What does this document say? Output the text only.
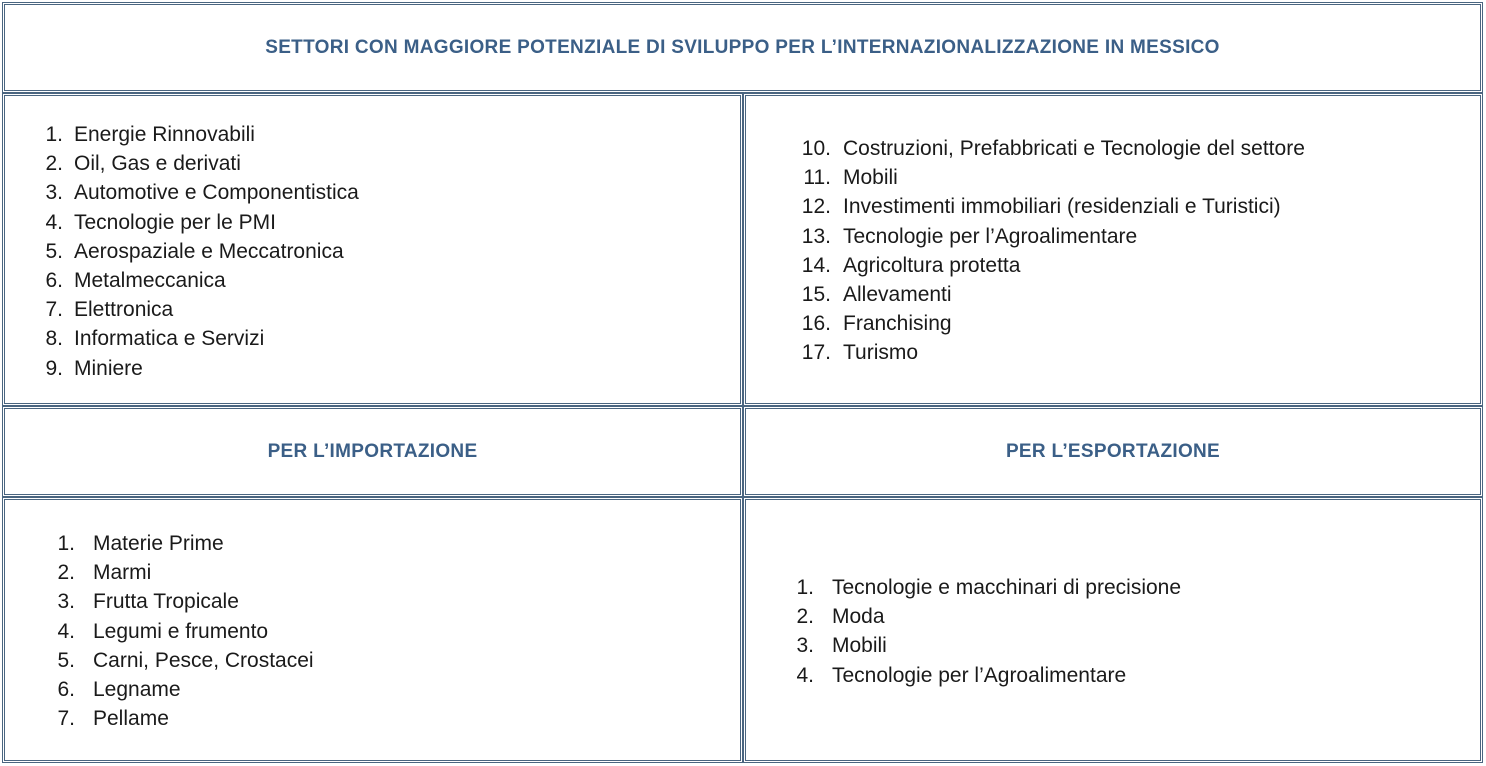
SETTORI CON MAGGIORE POTENZIALE DI SVILUPPO PER L’INTERNAZIONALIZZAZIONE IN MESSICO
1. Energie Rinnovabili
2. Oil, Gas e derivati
3. Automotive e Componentistica
4. Tecnologie per le PMI
5. Aerospaziale e Meccatronica
6. Metalmeccanica
7. Elettronica
8. Informatica e Servizi
9. Miniere
10. Costruzioni, Prefabbricati e Tecnologie del settore
11. Mobili
12. Investimenti immobiliari (residenziali e Turistici)
13. Tecnologie per l’Agroalimentare
14. Agricoltura protetta
15. Allevamenti
16. Franchising
17. Turismo
PER L’IMPORTAZIONE	PER L’ESPORTAZIONE
1. Materie Prime
2. Marmi
3. Frutta Tropicale
4. Legumi e frumento
5. Carni, Pesce, Crostacei
6. Legname
7. Pellame
1. Tecnologie e macchinari di precisione
2. Moda
3. Mobili
4. Tecnologie per l’Agroalimentare
